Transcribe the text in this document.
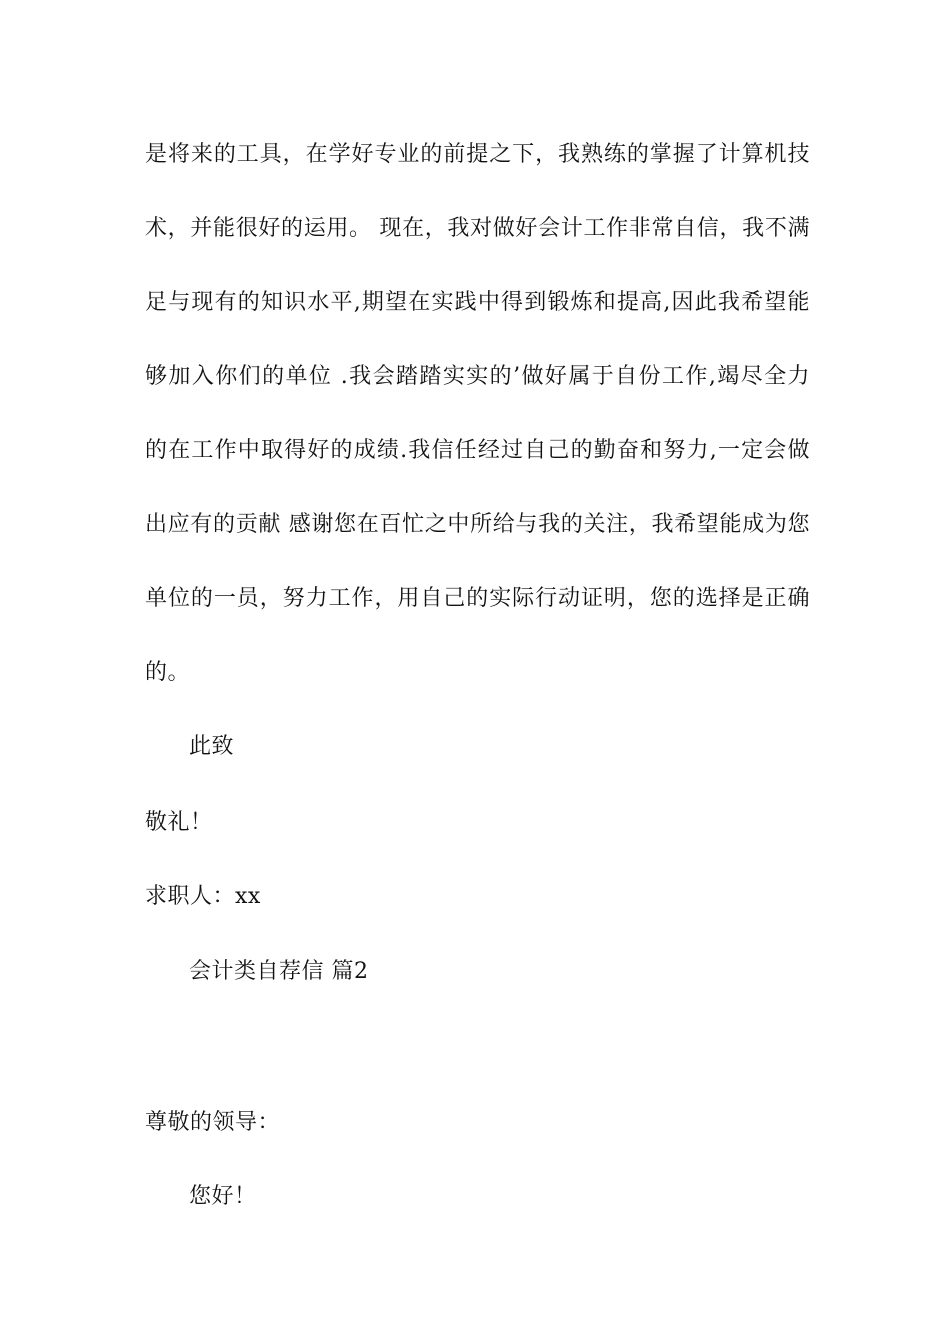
是将来的工具，在学好专业的前提之下，我熟练的掌握了计算机技
术，并能很好的运用。 现在，我对做好会计工作非常自信，我不满
足与现有的知识水平,期望在实践中得到锻炼和提高,因此我希望能
够加入你们的单位 .我会踏踏实实的’做好属于自份工作,竭尽全力
的在工作中取得好的成绩.我信任经过自己的勤奋和努力,一定会做
出应有的贡献 感谢您在百忙之中所给与我的关注，我希望能成为您
单位的一员，努力工作，用自己的实际行动证明，您的选择是正确
的。
此致
敬礼！
求职人：xx
会计类自荐信 篇2
尊敬的领导：
您好！
